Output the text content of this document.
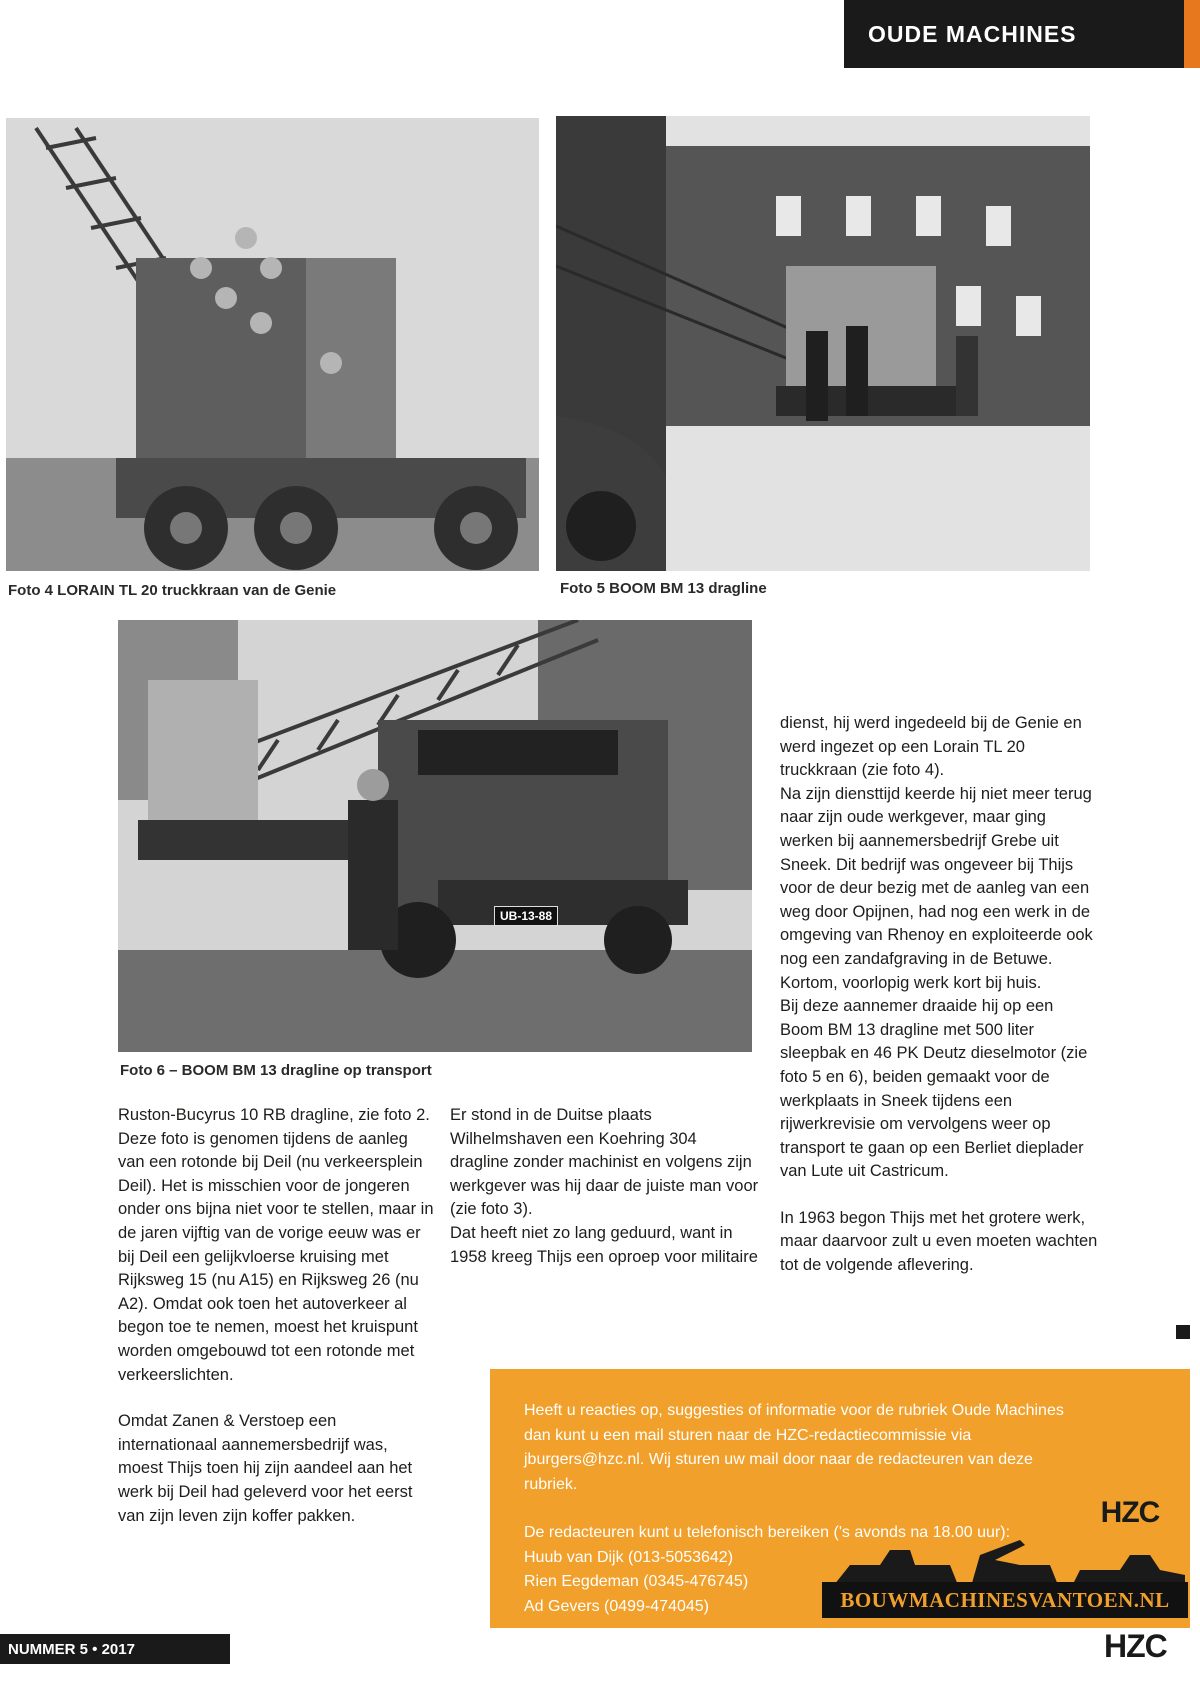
OUDE MACHINES
Foto 4 LORAIN TL 20 truckkraan van de Genie	Foto 5 BOOM BM 13 dragline
UB-13-88
Foto 6 – BOOM BM 13 dragline op transport

Ruston-Bucyrus 10 RB dragline, zie foto 2. Deze foto is genomen tijdens de aanleg van een rotonde bij Deil (nu verkeersplein Deil). Het is misschien voor de jongeren onder ons bijna niet voor te stellen, maar in de jaren vijftig van de vorige eeuw was er bij Deil een gelijkvloerse kruising met Rijksweg 15 (nu A15) en Rijksweg 26 (nu A2). Omdat ook toen het autoverkeer al begon toe te nemen, moest het kruispunt worden omgebouwd tot een rotonde met verkeerslichten.

Omdat Zanen & Verstoep een internationaal aannemersbedrijf was, moest Thijs toen hij zijn aandeel aan het werk bij Deil had geleverd voor het eerst van zijn leven zijn koffer pakken.

Er stond in de Duitse plaats Wilhelmshaven een Koehring 304 dragline zonder machinist en volgens zijn werkgever was hij daar de juiste man voor (zie foto 3).

Dat heeft niet zo lang geduurd, want in 1958 kreeg Thijs een oproep voor militaire

dienst, hij werd ingedeeld bij de Genie en werd ingezet op een Lorain TL 20 truckkraan (zie foto 4).

Na zijn diensttijd keerde hij niet meer terug naar zijn oude werkgever, maar ging werken bij aannemersbedrijf Grebe uit Sneek. Dit bedrijf was ongeveer bij Thijs voor de deur bezig met de aanleg van een weg door Opijnen, had nog een werk in de omgeving van Rhenoy en exploiteerde ook nog een zandafgraving in de Betuwe. Kortom, voorlopig werk kort bij huis.

Bij deze aannemer draaide hij op een Boom BM 13 dragline met 500 liter sleepbak en 46 PK Deutz dieselmotor (zie foto 5 en 6), beiden gemaakt voor de werkplaats in Sneek tijdens een rijwerkrevisie om vervolgens weer op transport te gaan op een Berliet dieplader van Lute uit Castricum.

In 1963 begon Thijs met het grotere werk, maar daarvoor zult u even moeten wachten tot de volgende aflevering.

Heeft u reacties op, suggesties of informatie voor de rubriek Oude Machines dan kunt u een mail sturen naar de HZC-redactiecommissie via jburgers@hzc.nl. Wij sturen uw mail door naar de redacteuren van deze rubriek.

De redacteuren kunt u telefonisch bereiken ('s avonds na 18.00 uur):

Huub van Dijk (013-5053642)

Rien Eegdeman (0345-476745)

Ad Gevers (0499-474045)

HZC
BOUWMACHINESVANTOEN.NL
NUMMER 5 • 2017	HZC
